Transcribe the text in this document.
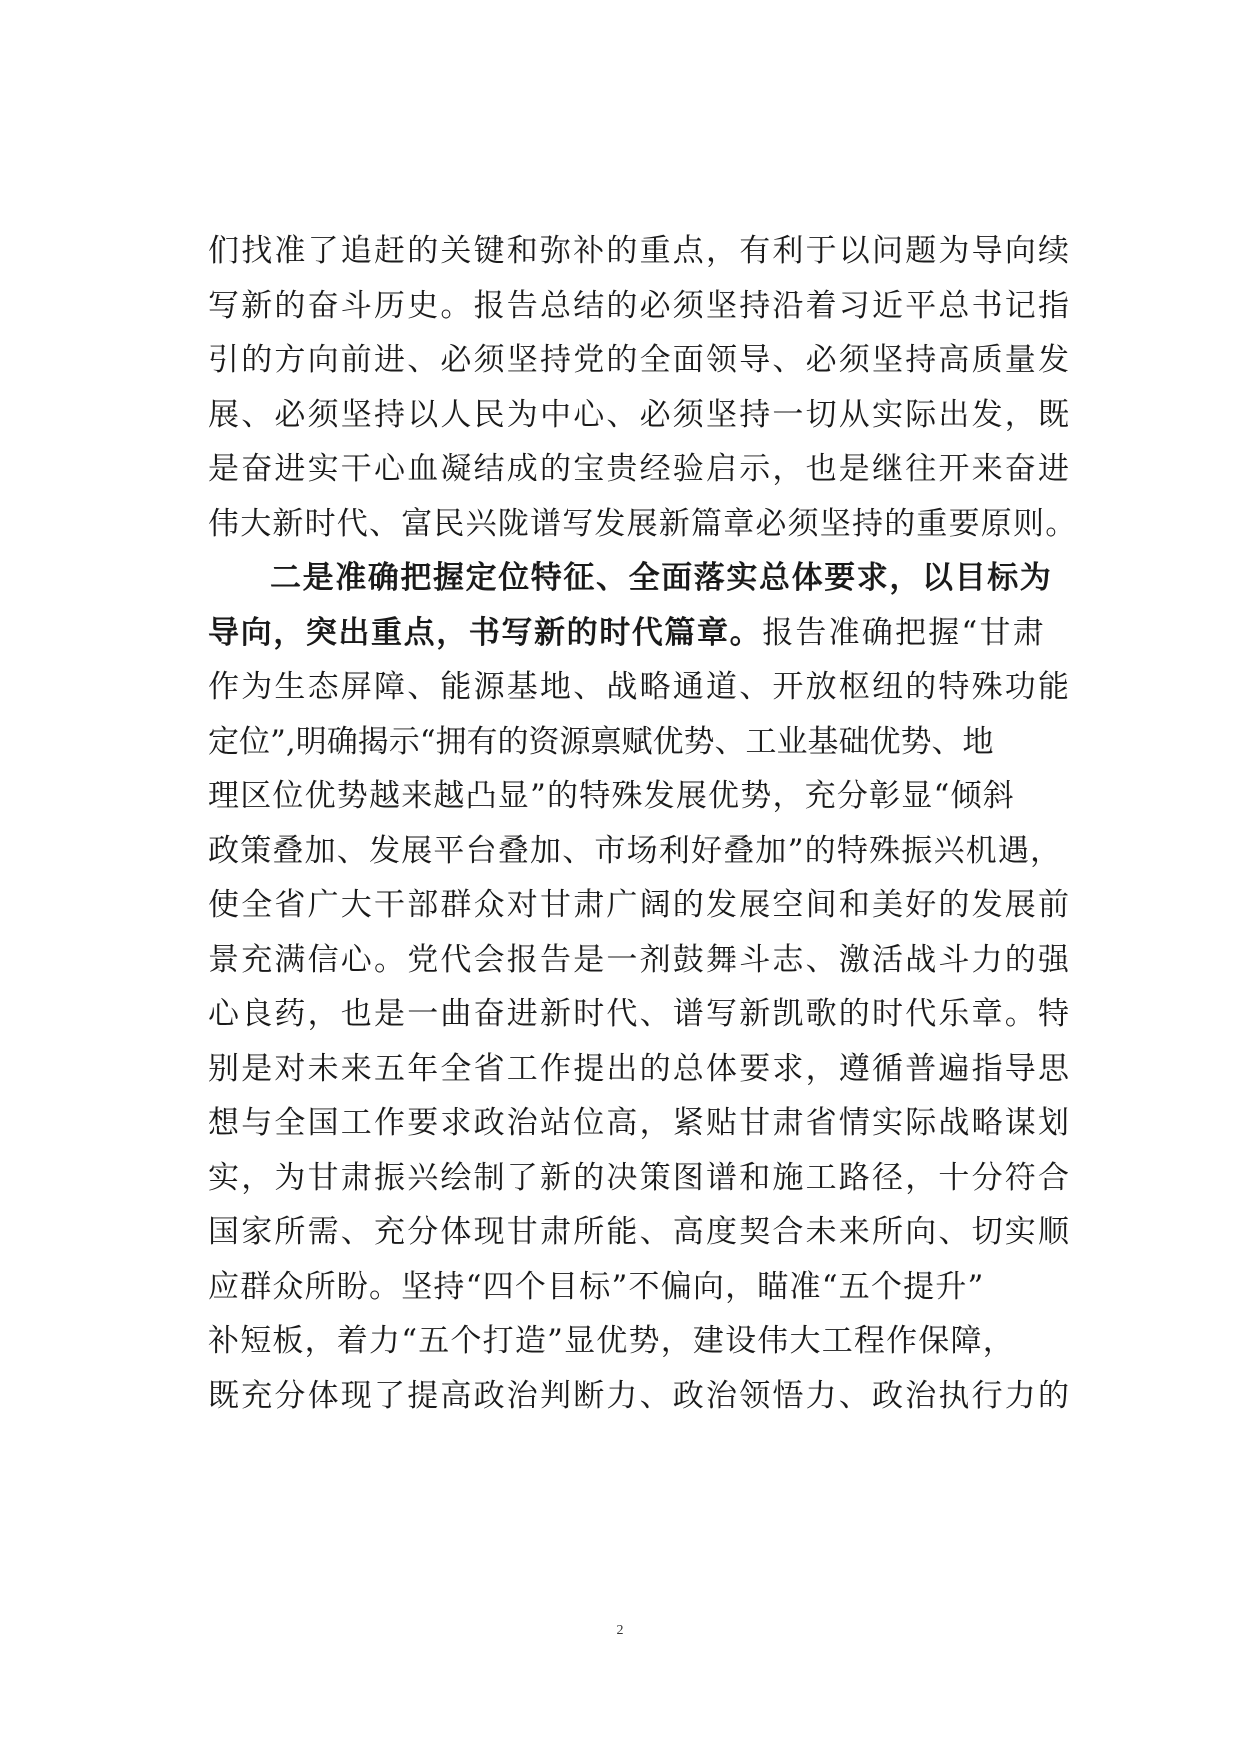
们找准了追赶的关键和弥补的重点，有利于以问题为导向续
写新的奋斗历史。报告总结的必须坚持沿着习近平总书记指
引的方向前进、必须坚持党的全面领导、必须坚持高质量发
展、必须坚持以人民为中心、必须坚持一切从实际出发，既
是奋进实干心血凝结成的宝贵经验启示，也是继往开来奋进
伟大新时代、富民兴陇谱写发展新篇章必须坚持的重要原则。
二是准确把握定位特征、全面落实总体要求，以目标为
导向，突出重点，书写新的时代篇章。报告准确把握“甘肃
作为生态屏障、能源基地、战略通道、开放枢纽的特殊功能
定位”,明确揭示“拥有的资源禀赋优势、工业基础优势、地
理区位优势越来越凸显”的特殊发展优势，充分彰显“倾斜
政策叠加、发展平台叠加、市场利好叠加”的特殊振兴机遇，
使全省广大干部群众对甘肃广阔的发展空间和美好的发展前
景充满信心。党代会报告是一剂鼓舞斗志、激活战斗力的强
心良药，也是一曲奋进新时代、谱写新凯歌的时代乐章。特
别是对未来五年全省工作提出的总体要求，遵循普遍指导思
想与全国工作要求政治站位高，紧贴甘肃省情实际战略谋划
实，为甘肃振兴绘制了新的决策图谱和施工路径，十分符合
国家所需、充分体现甘肃所能、高度契合未来所向、切实顺
应群众所盼。坚持“四个目标”不偏向，瞄准“五个提升”
补短板，着力“五个打造”显优势，建设伟大工程作保障，
既充分体现了提高政治判断力、政治领悟力、政治执行力的
2
